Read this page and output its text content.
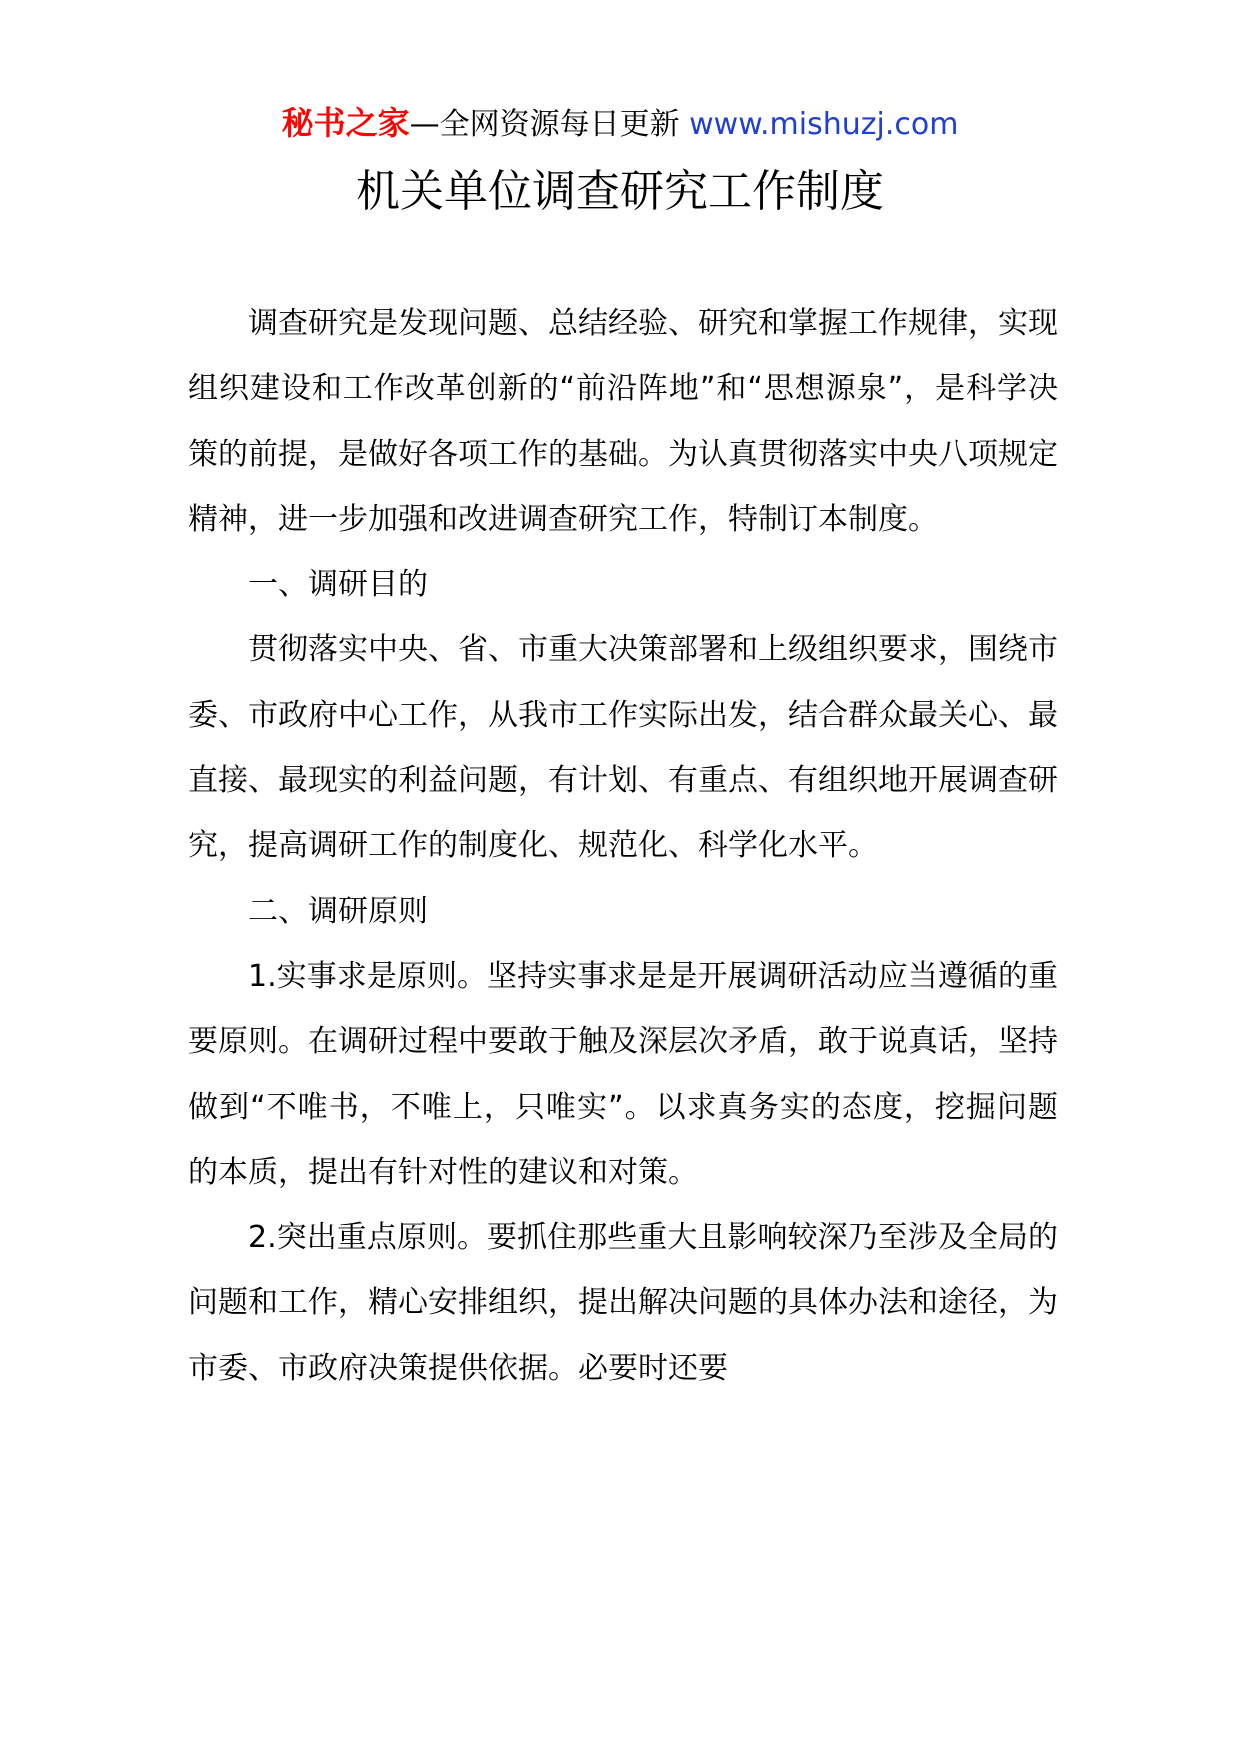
秘书之家—全网资源每日更新 www.mishuzj.com
机关单位调查研究工作制度

调查研究是发现问题、总结经验、研究和掌握工作规律，实现组织建设和工作改革创新的“前沿阵地”和“思想源泉”，是科学决策的前提，是做好各项工作的基础。为认真贯彻落实中央八项规定精神，进一步加强和改进调查研究工作，特制订本制度。

一、调研目的

贯彻落实中央、省、市重大决策部署和上级组织要求，围绕市委、市政府中心工作，从我市工作实际出发，结合群众最关心、最直接、最现实的利益问题，有计划、有重点、有组织地开展调查研究，提高调研工作的制度化、规范化、科学化水平。

二、调研原则

1.实事求是原则。坚持实事求是是开展调研活动应当遵循的重要原则。在调研过程中要敢于触及深层次矛盾，敢于说真话，坚持做到“不唯书，不唯上，只唯实”。以求真务实的态度，挖掘问题的本质，提出有针对性的建议和对策。

2.突出重点原则。要抓住那些重大且影响较深乃至涉及全局的问题和工作，精心安排组织，提出解决问题的具体办法和途径，为市委、市政府决策提供依据。必要时还要
